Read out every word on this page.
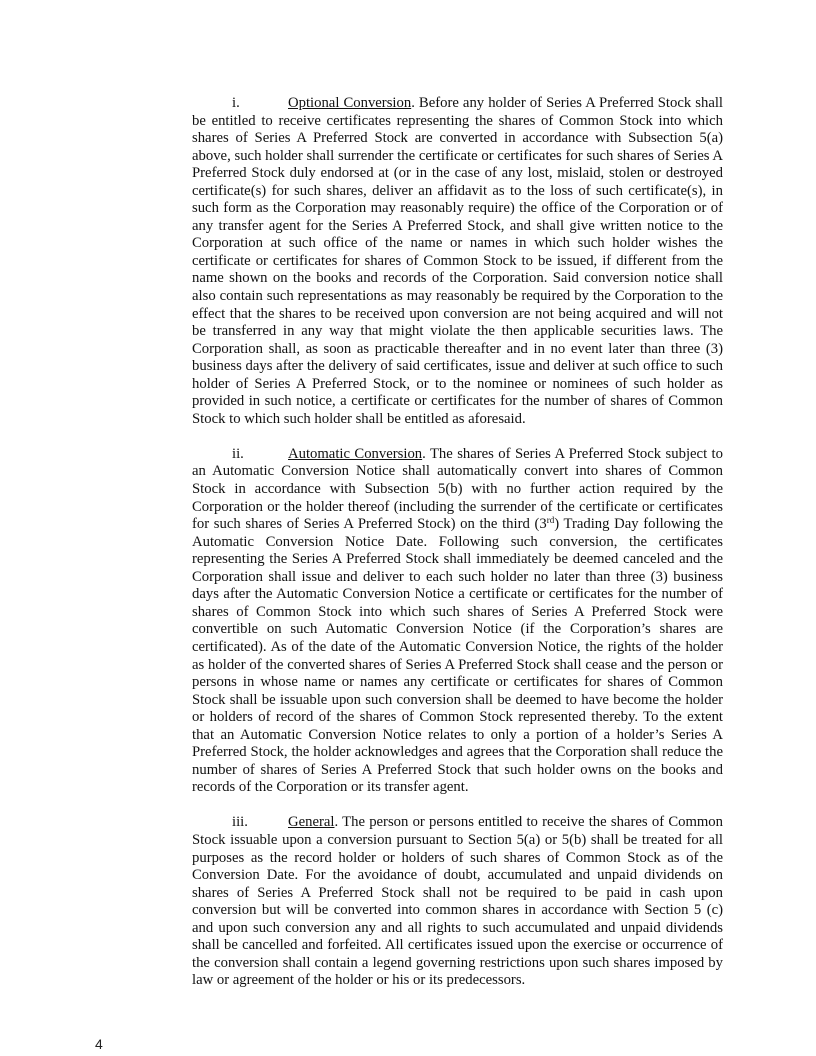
i.	Optional Conversion. Before any holder of Series A Preferred Stock shall be entitled to receive certificates representing the shares of Common Stock into which shares of Series A Preferred Stock are converted in accordance with Subsection 5(a) above, such holder shall surrender the certificate or certificates for such shares of Series A Preferred Stock duly endorsed at (or in the case of any lost, mislaid, stolen or destroyed certificate(s) for such shares, deliver an affidavit as to the loss of such certificate(s), in such form as the Corporation may reasonably require) the office of the Corporation or of any transfer agent for the Series A Preferred Stock, and shall give written notice to the Corporation at such office of the name or names in which such holder wishes the certificate or certificates for shares of Common Stock to be issued, if different from the name shown on the books and records of the Corporation. Said conversion notice shall also contain such representations as may reasonably be required by the Corporation to the effect that the shares to be received upon conversion are not being acquired and will not be transferred in any way that might violate the then applicable securities laws. The Corporation shall, as soon as practicable thereafter and in no event later than three (3) business days after the delivery of said certificates, issue and deliver at such office to such holder of Series A Preferred Stock, or to the nominee or nominees of such holder as provided in such notice, a certificate or certificates for the number of shares of Common Stock to which such holder shall be entitled as aforesaid.

ii.	Automatic Conversion. The shares of Series A Preferred Stock subject to an Automatic Conversion Notice shall automatically convert into shares of Common Stock in accordance with Subsection 5(b) with no further action required by the Corporation or the holder thereof (including the surrender of the certificate or certificates for such shares of Series A Preferred Stock) on the third (3rd) Trading Day following the Automatic Conversion Notice Date. Following such conversion, the certificates representing the Series A Preferred Stock shall immediately be deemed canceled and the Corporation shall issue and deliver to each such holder no later than three (3) business days after the Automatic Conversion Notice a certificate or certificates for the number of shares of Common Stock into which such shares of Series A Preferred Stock were convertible on such Automatic Conversion Notice (if the Corporation’s shares are certificated). As of the date of the Automatic Conversion Notice, the rights of the holder as holder of the converted shares of Series A Preferred Stock shall cease and the person or persons in whose name or names any certificate or certificates for shares of Common Stock shall be issuable upon such conversion shall be deemed to have become the holder or holders of record of the shares of Common Stock represented thereby. To the extent that an Automatic Conversion Notice relates to only a portion of a holder’s Series A Preferred Stock, the holder acknowledges and agrees that the Corporation shall reduce the number of shares of Series A Preferred Stock that such holder owns on the books and records of the Corporation or its transfer agent.

iii.	General. The person or persons entitled to receive the shares of Common Stock issuable upon a conversion pursuant to Section 5(a) or 5(b) shall be treated for all purposes as the record holder or holders of such shares of Common Stock as of the Conversion Date. For the avoidance of doubt, accumulated and unpaid dividends on shares of Series A Preferred Stock shall not be required to be paid in cash upon conversion but will be converted into common shares in accordance with Section 5 (c) and upon such conversion any and all rights to such accumulated and unpaid dividends shall be cancelled and forfeited. All certificates issued upon the exercise or occurrence of the conversion shall contain a legend governing restrictions upon such shares imposed by law or agreement of the holder or his or its predecessors.

4
